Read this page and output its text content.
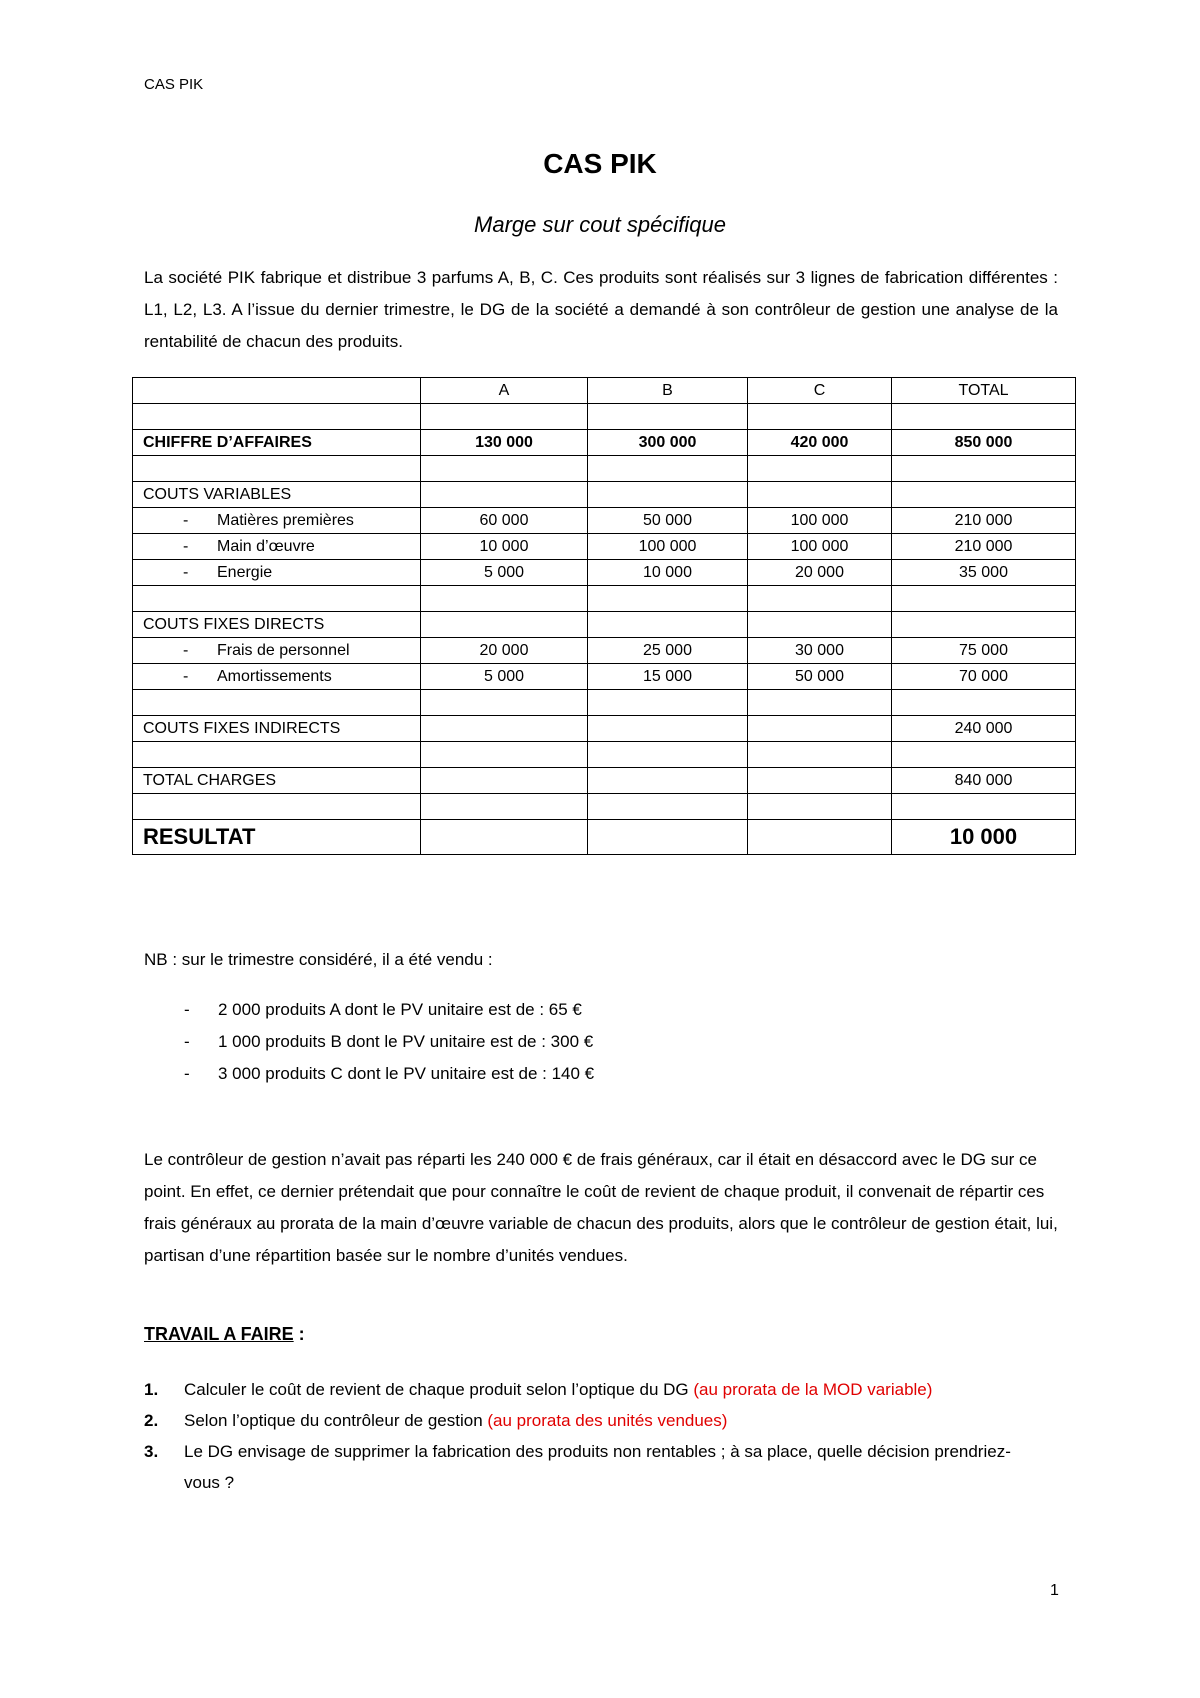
CAS PIK
CAS PIK
Marge sur cout spécifique

La société PIK fabrique et distribue 3 parfums A, B, C. Ces produits sont réalisés sur 3 lignes de fabrication différentes : L1, L2, L3. A l’issue du dernier trimestre, le DG de la société a demandé à son contrôleur de gestion une analyse de la rentabilité de chacun des produits.

	A	B	C	TOTAL

CHIFFRE D’AFFAIRES	130 000	300 000	420 000	850 000

COUTS VARIABLES				
- Matières premières	60 000	50 000	100 000	210 000
- Main d’œuvre	10 000	100 000	100 000	210 000
- Energie	5 000	10 000	20 000	35 000

COUTS FIXES DIRECTS				
- Frais de personnel	20 000	25 000	30 000	75 000
- Amortissements	5 000	15 000	50 000	70 000

COUTS FIXES INDIRECTS				240 000

TOTAL CHARGES				840 000

RESULTAT				10 000
NB : sur le trimestre considéré, il a été vendu :
- 2 000 produits A dont le PV unitaire est de : 65 €
- 1 000 produits B dont le PV unitaire est de : 300 €
- 3 000 produits C dont le PV unitaire est de : 140 €

Le contrôleur de gestion n’avait pas réparti les 240 000 € de frais généraux, car il était en désaccord avec le DG sur ce point. En effet, ce dernier prétendait que pour connaître le coût de revient de chaque produit, il convenait de répartir ces frais généraux au prorata de la main d’œuvre variable de chacun des produits, alors que le contrôleur de gestion était, lui, partisan d’une répartition basée sur le nombre d’unités vendues.

TRAVAIL A FAIRE :
1. Calculer le coût de revient de chaque produit selon l’optique du DG (au prorata de la MOD variable)
2. Selon l’optique du contrôleur de gestion (au prorata des unités vendues)
3. Le DG envisage de supprimer la fabrication des produits non rentables ; à sa place, quelle décision prendriez-vous ?
1
